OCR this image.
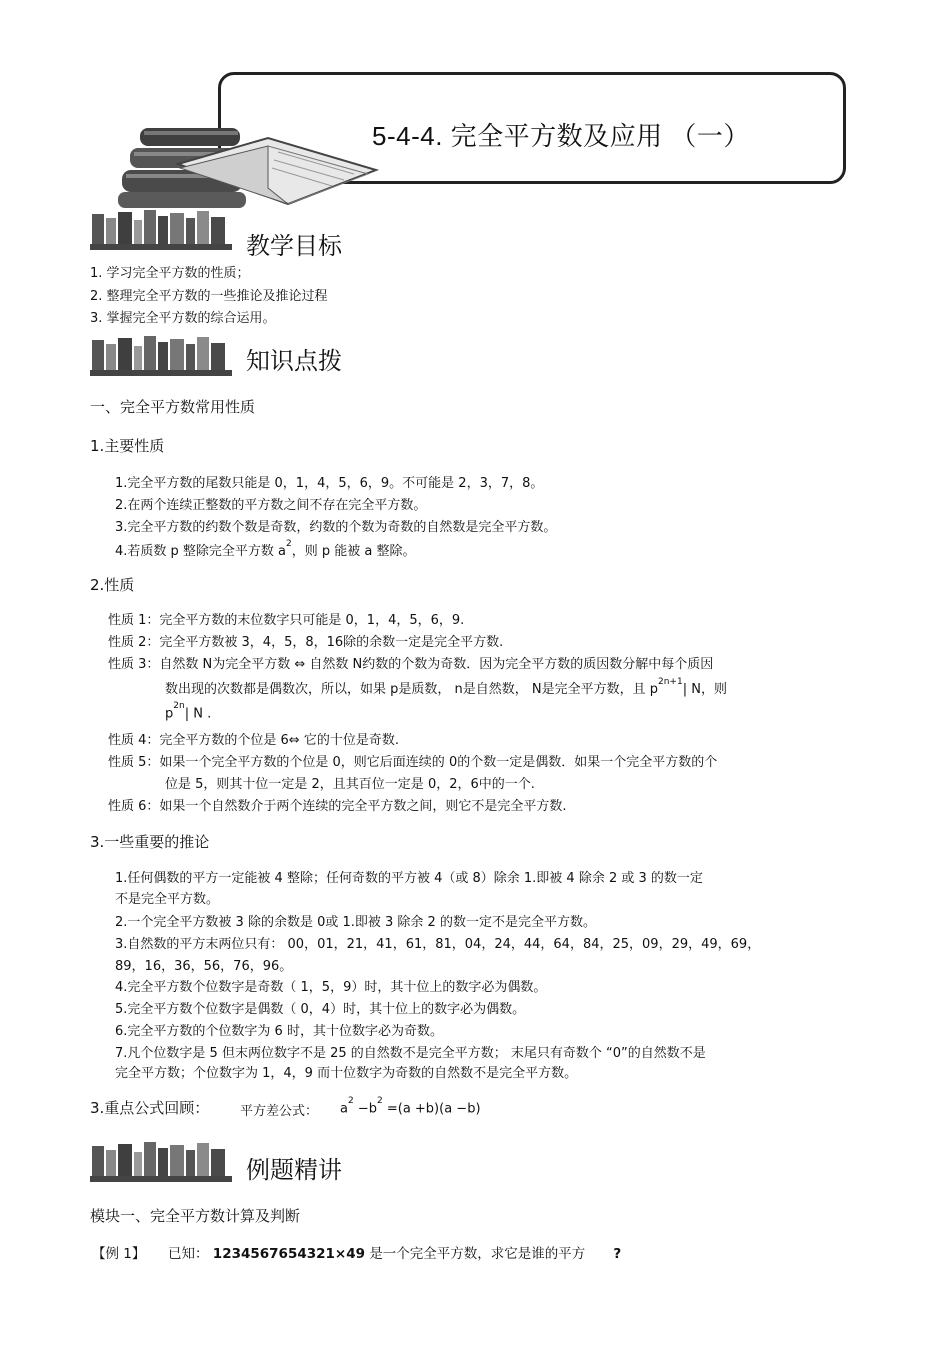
5-4-4. 完全平方数及应用 （一）
教学目标
1. 学习完全平方数的性质；
2. 整理完全平方数的一些推论及推论过程
3. 掌握完全平方数的综合运用。
知识点拨
一、完全平方数常用性质
1.主要性质
1.完全平方数的尾数只能是 0，1，4，5，6，9。不可能是 2，3，7，8。
2.在两个连续正整数的平方数之间不存在完全平方数。
3.完全平方数的约数个数是奇数，约数的个数为奇数的自然数是完全平方数。
4.若质数 p 整除完全平方数 $a^2$，则 p 能被 a 整除。
2.性质
性质 1：完全平方数的末位数字只可能是 0，1，4，5，6，9.
性质 2：完全平方数被 3，4，5，8，16除的余数一定是完全平方数.
性质 3：自然数 N为完全平方数 ⇔ 自然数 N约数的个数为奇数．因为完全平方数的质因数分解中每个质因
数出现的次数都是偶数次，所以，如果 p是质数， n是自然数， N是完全平方数，且 $p^{2n+1}|$ N，则
$p^{2n}|$ N .
性质 4：完全平方数的个位是 6⇔ 它的十位是奇数.
性质 5：如果一个完全平方数的个位是 0，则它后面连续的 0的个数一定是偶数．如果一个完全平方数的个
位是 5，则其十位一定是 2，且其百位一定是 0，2，6中的一个.
性质 6：如果一个自然数介于两个连续的完全平方数之间，则它不是完全平方数.
3.一些重要的推论
1.任何偶数的平方一定能被 4 整除；任何奇数的平方被 4（或 8）除余 1.即被 4 除余 2 或 3 的数一定
不是完全平方数。
2.一个完全平方数被 3 除的余数是 0或 1.即被 3 除余 2 的数一定不是完全平方数。
3.自然数的平方末两位只有： 00，01，21，41，61，81，04，24，44，64，84，25，09，29，49，69，
89，16，36，56，76，96。
4.完全平方数个位数字是奇数（ 1，5，9）时，其十位上的数字必为偶数。
5.完全平方数个位数字是偶数（ 0，4）时，其十位上的数字必为偶数。
6.完全平方数的个位数字为 6 时，其十位数字必为奇数。
7.凡个位数字是 5 但末两位数字不是 25 的自然数不是完全平方数； 末尾只有奇数个 “0”的自然数不是
完全平方数；个位数字为 1，4，9 而十位数字为奇数的自然数不是完全平方数。
3.重点公式回顾： 平方差公式： $a^2 -b^2 =(a +b)(a -b)$
例题精讲
模块一、完全平方数计算及判断
【例 1】 已知： 1234567654321×49 是一个完全平方数，求它是谁的平方 ?
